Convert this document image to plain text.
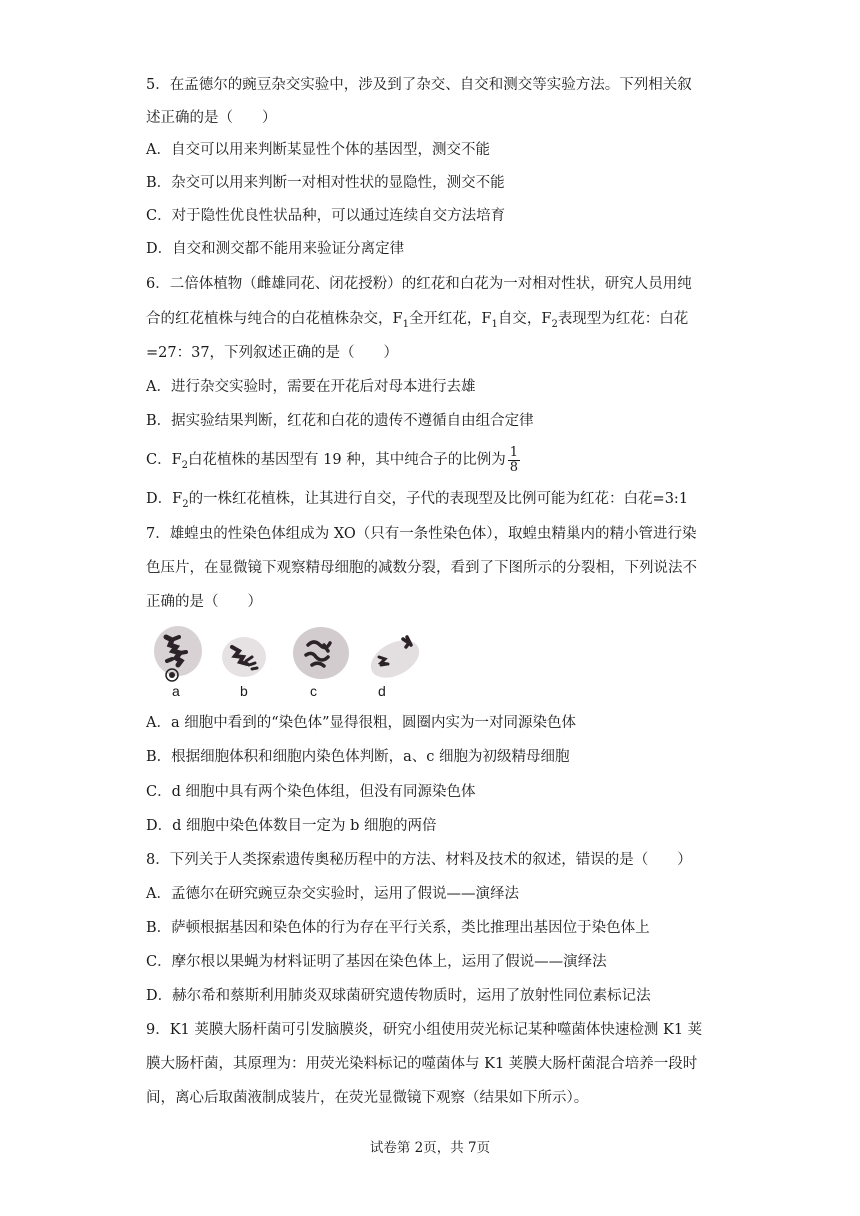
5．在孟德尔的豌豆杂交实验中，涉及到了杂交、自交和测交等实验方法。下列相关叙
述正确的是（　　）
A．自交可以用来判断某显性个体的基因型，测交不能
B．杂交可以用来判断一对相对性状的显隐性，测交不能
C．对于隐性优良性状品种，可以通过连续自交方法培育
D．自交和测交都不能用来验证分离定律
6．二倍体植物（雌雄同花、闭花授粉）的红花和白花为一对相对性状，研究人员用纯
合的红花植株与纯合的白花植株杂交，$F_1$全开红花，$F_1$自交，$F_2$表现型为红花：白花
=27：37，下列叙述正确的是（　　）
A．进行杂交实验时，需要在开花后对母本进行去雄
B．据实验结果判断，红花和白花的遗传不遵循自由组合定律
C．$F_2$白花植株的基因型有 19 种，其中纯合子的比例为 $\frac{1}{8}$
D．$F_2$的一株红花植株，让其进行自交，子代的表现型及比例可能为红花：白花=3:1
7．雄蝗虫的性染色体组成为 XO（只有一条性染色体），取蝗虫精巢内的精小管进行染
色压片，在显微镜下观察精母细胞的减数分裂，看到了下图所示的分裂相，下列说法不
正确的是（　　）
a	b	c	d
A．a 细胞中看到的“染色体”显得很粗，圆圈内实为一对同源染色体
B．根据细胞体积和细胞内染色体判断，a、c 细胞为初级精母细胞
C．d 细胞中具有两个染色体组，但没有同源染色体
D．d 细胞中染色体数目一定为 b 细胞的两倍
8．下列关于人类探索遗传奥秘历程中的方法、材料及技术的叙述，错误的是（　　）
A．孟德尔在研究豌豆杂交实验时，运用了假说——演绎法
B．萨顿根据基因和染色体的行为存在平行关系，类比推理出基因位于染色体上
C．摩尔根以果蝇为材料证明了基因在染色体上，运用了假说——演绎法
D．赫尔希和蔡斯利用肺炎双球菌研究遗传物质时，运用了放射性同位素标记法
9．K1 荚膜大肠杆菌可引发脑膜炎，研究小组使用荧光标记某种噬菌体快速检测 K1 荚
膜大肠杆菌，其原理为：用荧光染料标记的噬菌体与 K1 荚膜大肠杆菌混合培养一段时
间，离心后取菌液制成装片，在荧光显微镜下观察（结果如下所示）。
试卷第 2页，共 7页
